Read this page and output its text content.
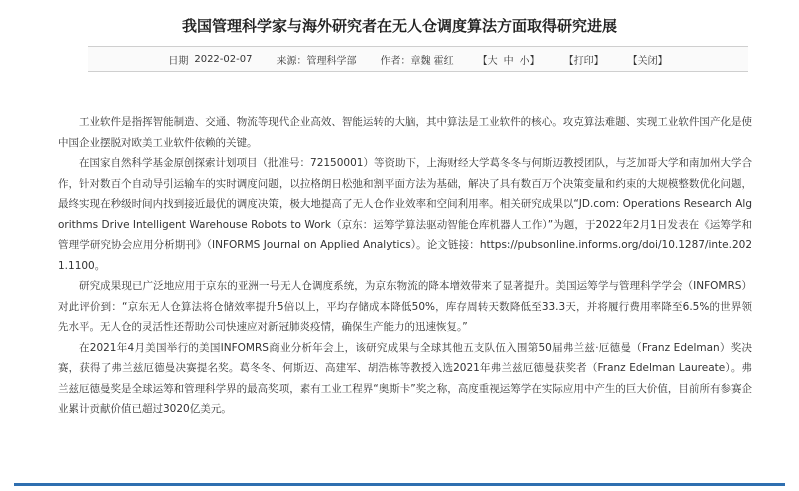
我国管理科学家与海外研究者在无人仓调度算法方面取得研究进展
日期 2022-02-07 来源： 管理科学部 作者： 章魏 霍红 【 大 中 小 】 【打印】 【关闭】

工业软件是指挥智能制造、交通、物流等现代企业高效、智能运转的大脑，其中算法是工业软件的核心。攻克算法难题、实现工业软件国产化是使中国企业摆脱对欧美工业软件依赖的关键。

在国家自然科学基金原创探索计划项目（批准号：72150001）等资助下，上海财经大学葛冬冬与何斯迈教授团队，与芝加哥大学和南加州大学合作，针对数百个自动导引运输车的实时调度问题，以拉格朗日松弛和割平面方法为基础，解决了具有数百万个决策变量和约束的大规模整数优化问题，最终实现在秒级时间内找到接近最优的调度决策，极大地提高了无人仓作业效率和空间利用率。相关研究成果以“JD.com: Operations Research Algorithms Drive Intelligent Warehouse Robots to Work（京东：运筹学算法驱动智能仓库机器人工作）”为题，于2022年2月1日发表在《运筹学和管理学研究协会应用分析期刊》（INFORMS Journal on Applied Analytics）。论文链接：https://pubsonline.informs.org/doi/10.1287/inte.2021.1100。

研究成果现已广泛地应用于京东的亚洲一号无人仓调度系统，为京东物流的降本增效带来了显著提升。美国运筹学与管理科学学会（INFOMRS）对此评价到：“京东无人仓算法将仓储效率提升5倍以上，平均存储成本降低50%，库存周转天数降低至33.3天，并将履行费用率降至6.5%的世界领先水平。无人仓的灵活性还帮助公司快速应对新冠肺炎疫情，确保生产能力的迅速恢复。”

在2021年4月美国举行的美国INFOMRS商业分析年会上，该研究成果与全球其他五支队伍入围第50届弗兰兹·厄德曼（Franz Edelman）奖决赛，获得了弗兰兹厄德曼决赛提名奖。葛冬冬、何斯迈、高建军、胡浩栋等教授入选2021年弗兰兹厄德曼获奖者（Franz Edelman Laureate）。弗兰兹厄德曼奖是全球运筹和管理科学界的最高奖项，素有工业工程界“奥斯卡”奖之称，高度重视运筹学在实际应用中产生的巨大价值，目前所有参赛企业累计贡献价值已超过3020亿美元。
